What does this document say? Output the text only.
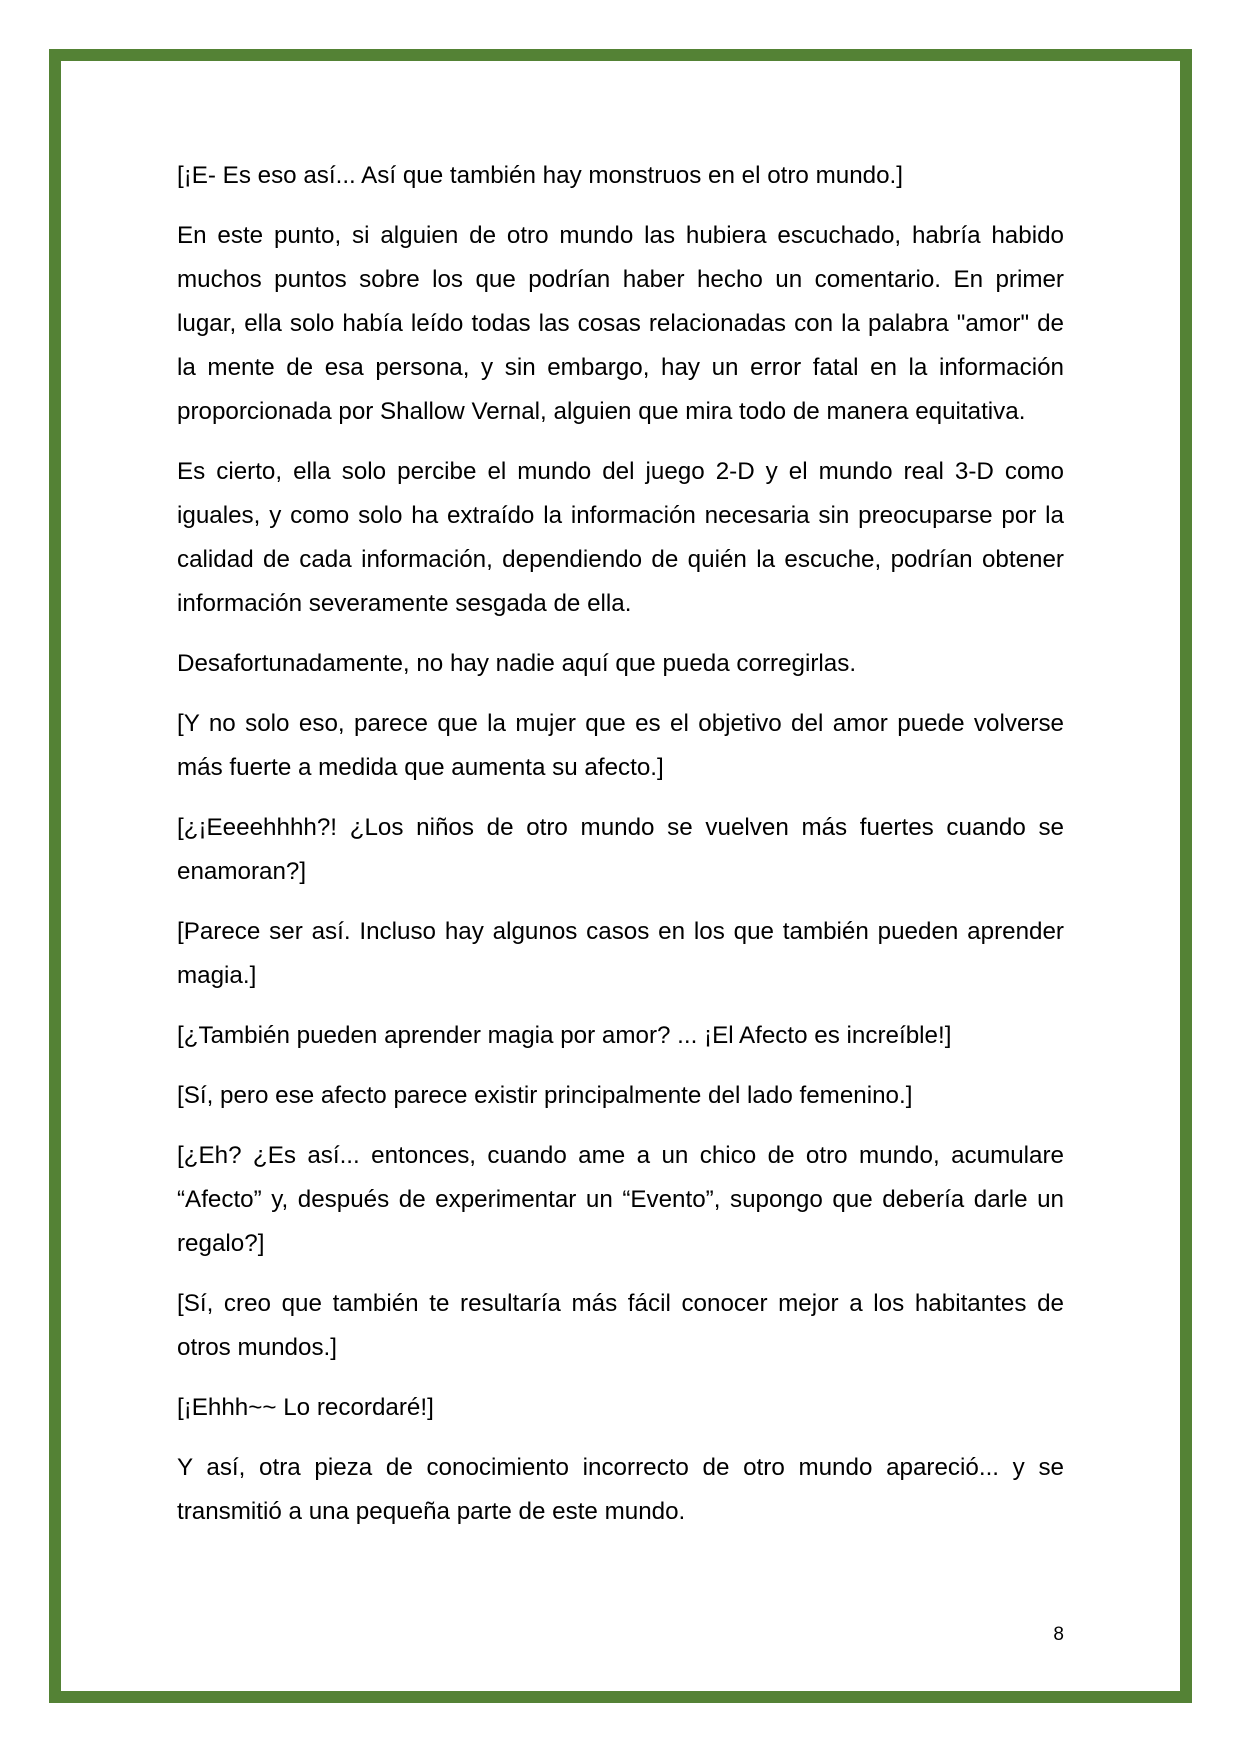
[¡E- Es eso así... Así que también hay monstruos en el otro mundo.]

En este punto, si alguien de otro mundo las hubiera escuchado, habría habido muchos puntos sobre los que podrían haber hecho un comentario. En primer lugar, ella solo había leído todas las cosas relacionadas con la palabra "amor" de la mente de esa persona, y sin embargo, hay un error fatal en la información proporcionada por Shallow Vernal, alguien que mira todo de manera equitativa.

Es cierto, ella solo percibe el mundo del juego 2-D y el mundo real 3-D como iguales, y como solo ha extraído la información necesaria sin preocuparse por la calidad de cada información, dependiendo de quién la escuche, podrían obtener información severamente sesgada de ella.

Desafortunadamente, no hay nadie aquí que pueda corregirlas.

[Y no solo eso, parece que la mujer que es el objetivo del amor puede volverse más fuerte a medida que aumenta su afecto.]

[¿¡Eeeehhhh?! ¿Los niños de otro mundo se vuelven más fuertes cuando se enamoran?]

[Parece ser así. Incluso hay algunos casos en los que también pueden aprender magia.]

[¿También pueden aprender magia por amor? ... ¡El Afecto es increíble!]

[Sí, pero ese afecto parece existir principalmente del lado femenino.]

[¿Eh? ¿Es así... entonces, cuando ame a un chico de otro mundo, acumulare “Afecto” y, después de experimentar un “Evento”, supongo que debería darle un regalo?]

[Sí, creo que también te resultaría más fácil conocer mejor a los habitantes de otros mundos.]

[¡Ehhh~~ Lo recordaré!]

Y así, otra pieza de conocimiento incorrecto de otro mundo apareció... y se transmitió a una pequeña parte de este mundo.

8
